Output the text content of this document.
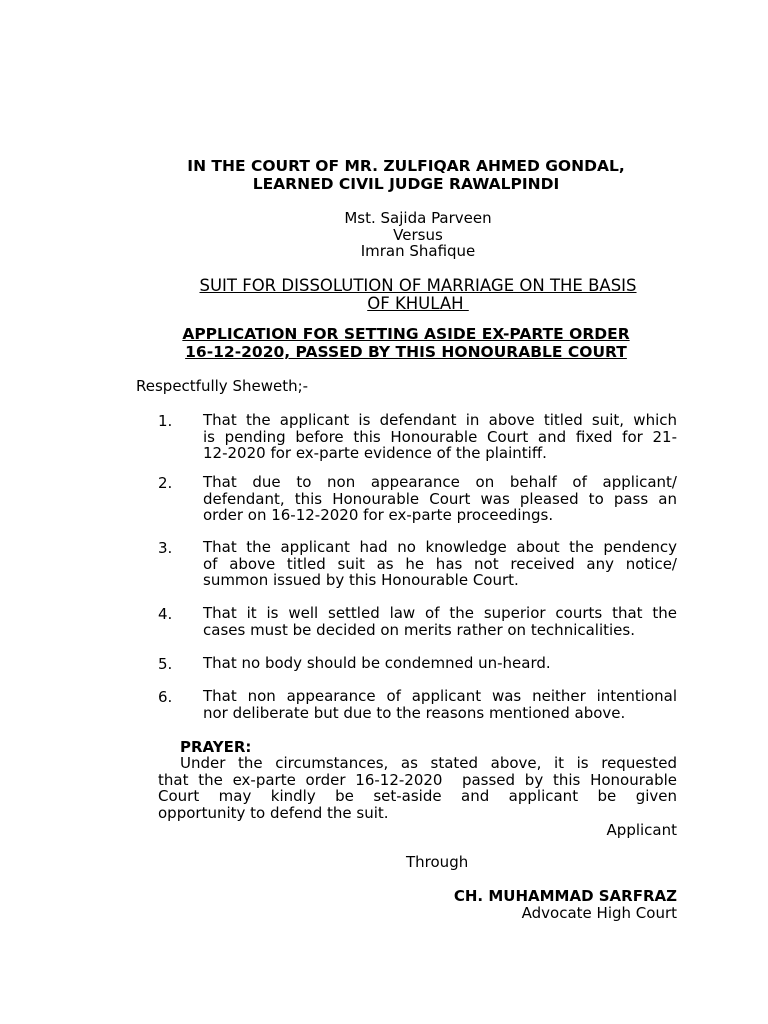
IN THE COURT OF MR. ZULFIQAR AHMED GONDAL,
LEARNED CIVIL JUDGE RAWALPINDI
Mst. Sajida Parveen
Versus
Imran Shafique
SUIT FOR DISSOLUTION OF MARRIAGE ON THE BASIS
OF KHULAH
APPLICATION FOR SETTING ASIDE EX-PARTE ORDER
16-12-2020, PASSED BY THIS HONOURABLE COURT
Respectfully Sheweth;-
1. That the applicant is defendant in above titled suit, which
is pending before this Honourable Court and fixed for 21-
12-2020 for ex-parte evidence of the plaintiff.
2. That due to non appearance on behalf of applicant/
defendant, this Honourable Court was pleased to pass an
order on 16-12-2020 for ex-parte proceedings.
3. That the applicant had no knowledge about the pendency
of above titled suit as he has not received any notice/
summon issued by this Honourable Court.
4. That it is well settled law of the superior courts that the
cases must be decided on merits rather on technicalities.
5. That no body should be condemned un-heard.
6. That non appearance of applicant was neither intentional
nor deliberate but due to the reasons mentioned above.
PRAYER:
Under the circumstances, as stated above, it is requested
that the ex-parte order 16-12-2020  passed by this Honourable
Court may kindly be set-aside and applicant be given
opportunity to defend the suit.
Applicant
Through
CH. MUHAMMAD SARFRAZ
Advocate High Court
